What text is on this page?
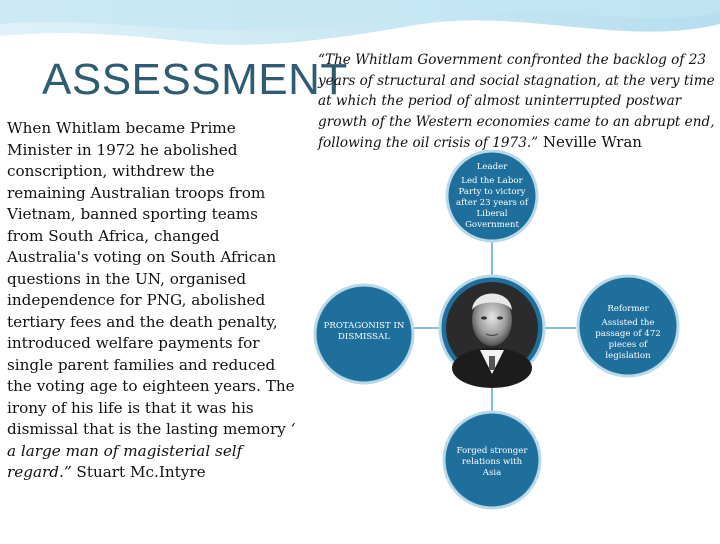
ASSESSMENT
When Whitlam became Prime Minister in 1972 he abolished conscription, withdrew the remaining Australian troops from Vietnam, banned sporting teams from South Africa, changed Australia's voting on South African questions in the UN, organised independence for PNG, abolished tertiary fees and the death penalty, introduced welfare payments for single parent families and reduced the voting age to eighteen years. The irony of his life is that it was his dismissal that is the lasting memory ‘ a large man of magisterial self regard.” Stuart Mc.Intyre
“The Whitlam Government confronted the backlog of 23 years of structural and social stagnation, at the very time at which the period of almost uninterrupted postwar growth of the Western economies came to an abrupt end, following the oil crisis of 1973.” Neville Wran
Leader
Led the Labor Party to victory after 23 years of Liberal Government
Reformer
Assisted the passage of 472 pieces of legislation
PROTAGONIST IN DISMISSAL
Forged stronger relations with Asia
